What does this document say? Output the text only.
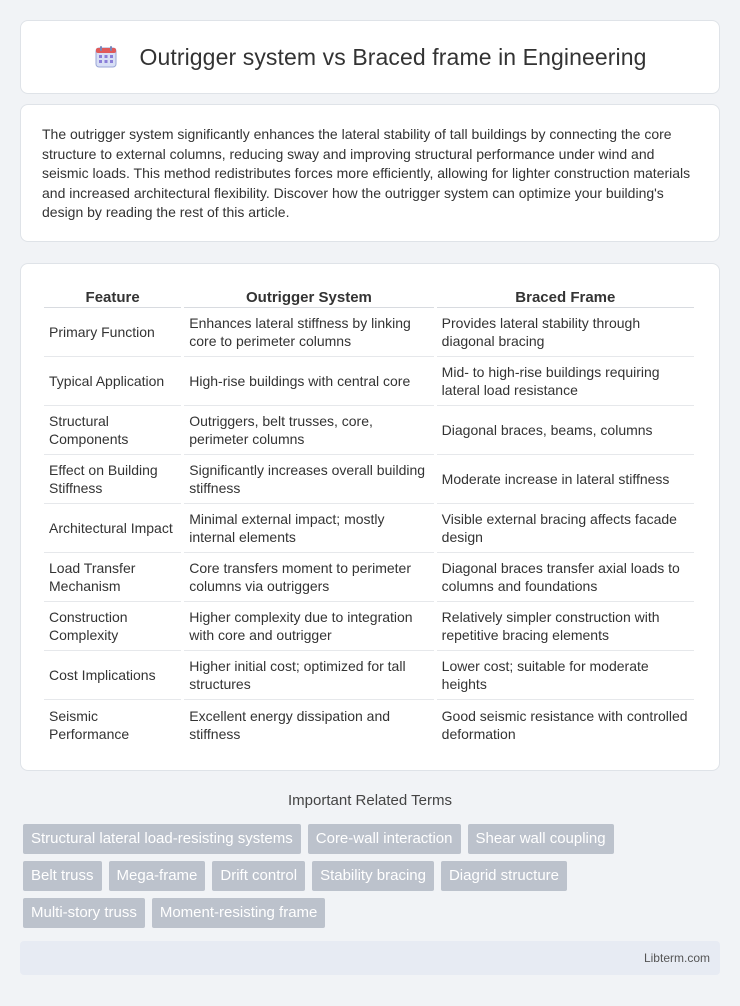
Outrigger system vs Braced frame in Engineering

The outrigger system significantly enhances the lateral stability of tall buildings by connecting the core structure to external columns, reducing sway and improving structural performance under wind and seismic loads. This method redistributes forces more efficiently, allowing for lighter construction materials and increased architectural flexibility. Discover how the outrigger system can optimize your building's design by reading the rest of this article.

Feature	Outrigger System	Braced Frame
Primary Function	Enhances lateral stiffness by linking core to perimeter columns	Provides lateral stability through diagonal bracing
Typical Application	High-rise buildings with central core	Mid- to high-rise buildings requiring lateral load resistance
Structural Components	Outriggers, belt trusses, core, perimeter columns	Diagonal braces, beams, columns
Effect on Building Stiffness	Significantly increases overall building stiffness	Moderate increase in lateral stiffness
Architectural Impact	Minimal external impact; mostly internal elements	Visible external bracing affects facade design
Load Transfer Mechanism	Core transfers moment to perimeter columns via outriggers	Diagonal braces transfer axial loads to columns and foundations
Construction Complexity	Higher complexity due to integration with core and outrigger	Relatively simpler construction with repetitive bracing elements
Cost Implications	Higher initial cost; optimized for tall structures	Lower cost; suitable for moderate heights
Seismic Performance	Excellent energy dissipation and stiffness	Good seismic resistance with controlled deformation
Important Related Terms
Structural lateral load-resisting systems	Core-wall interaction	Shear wall coupling
Belt truss	Mega-frame	Drift control	Stability bracing	Diagrid structure
Multi-story truss	Moment-resisting frame
Libterm.com
